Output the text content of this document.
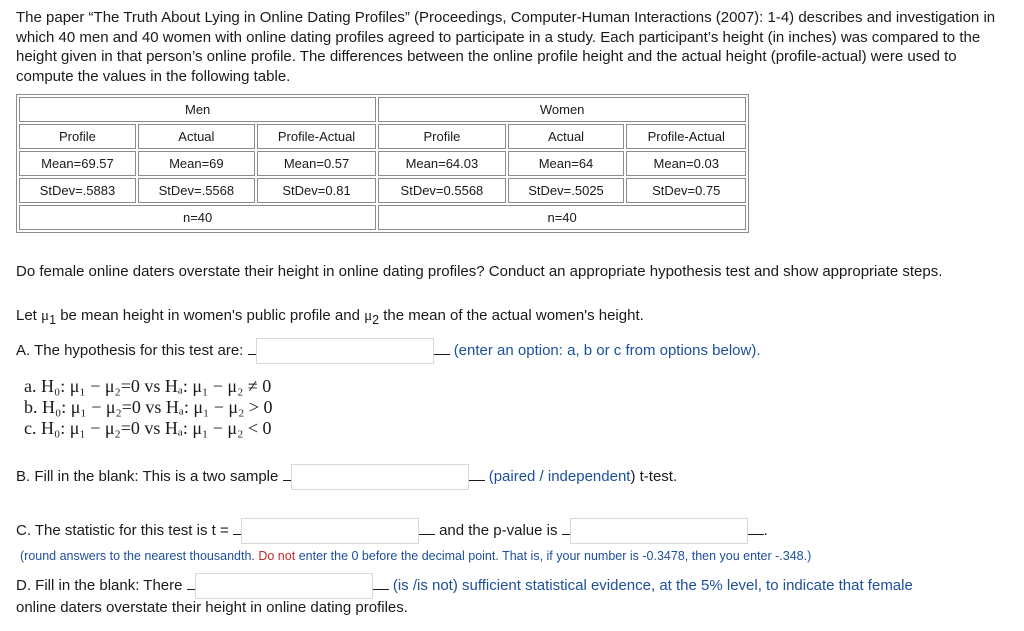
The paper “The Truth About Lying in Online Dating Profiles” (Proceedings, Computer-Human Interactions (2007): 1-4) describes and investigation in which 40 men and 40 women with online dating profiles agreed to participate in a study. Each participant’s height (in inches) was compared to the height given in that person’s online profile. The differences between the online profile height and the actual height (profile-actual) were used to compute the values in the following table.

Men			Women		
Profile	Actual	Profile-Actual	Profile	Actual	Profile-Actual
Mean=69.57	Mean=69	Mean=0.57	Mean=64.03	Mean=64	Mean=0.03
StDev=.5883	StDev=.5568	StDev=0.81	StDev=0.5568	StDev=.5025	StDev=0.75
n=40			n=40		

Do female online daters overstate their height in online dating profiles? Conduct an appropriate hypothesis test and show appropriate steps.

Let $\mu_1$ be mean height in women's public profile and $\mu_2$ the mean of the actual women's height.

A. The hypothesis for this test are:	(enter an option: a, b or c from options below).

a. H₀: μ₁ − μ₂=0 vs Hₐ: μ₁ − μ₂ ≠ 0
b. H₀: μ₁ − μ₂=0 vs Hₐ: μ₁ − μ₂ > 0
c. H₀: μ₁ − μ₂=0 vs Hₐ: μ₁ − μ₂ < 0

B. Fill in the blank: This is a two sample	(paired / independent) t-test.

C. The statistic for this test is t =	and the p-value is	.

(round answers to the nearest thousandth. Do not enter the 0 before the decimal point. That is, if your number is -0.3478, then you enter -.348.)

D. Fill in the blank: There	(is /is not) sufficient statistical evidence, at the 5% level, to indicate that female

online daters overstate their height in online dating profiles.
